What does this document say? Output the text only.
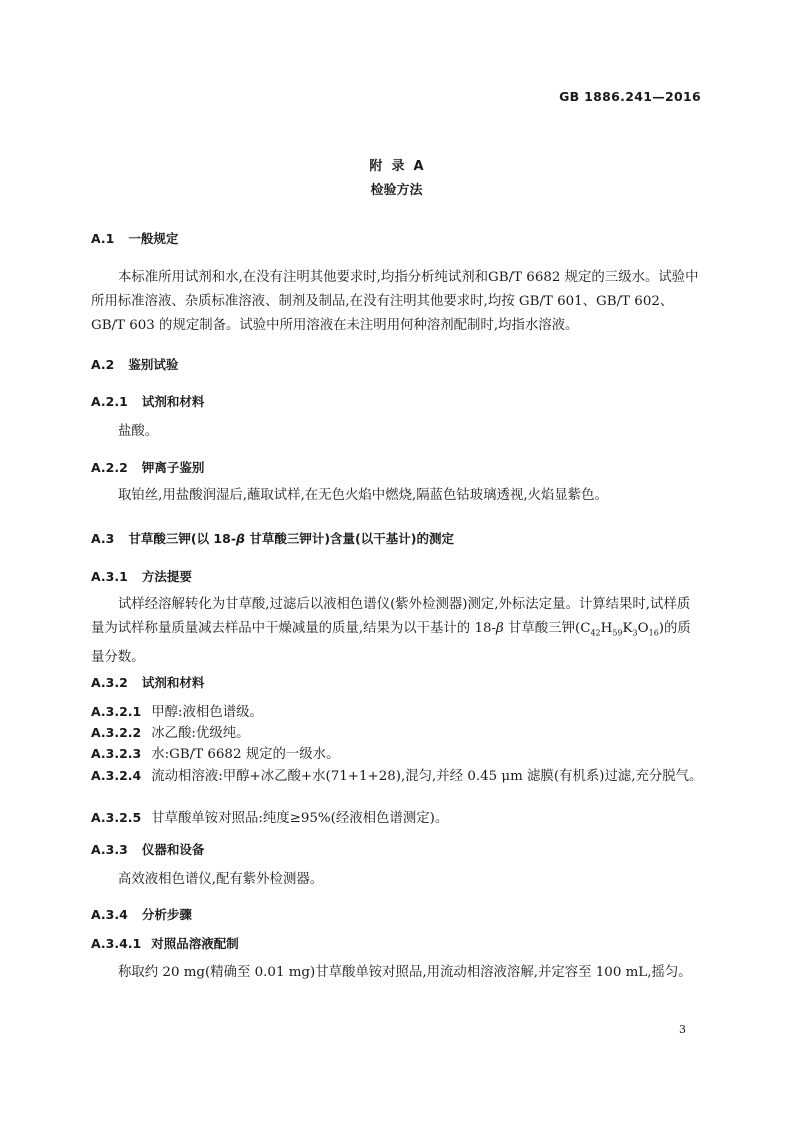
GB 1886.241—2016
附  录  A
检验方法
A.1 一般规定
本标准所用试剂和水,在没有注明其他要求时,均指分析纯试剂和GB/T 6682 规定的三级水。试验中所用标准溶液、杂质标准溶液、制剂及制品,在没有注明其他要求时,均按 GB/T 601、GB/T 602、GB/T 603 的规定制备。试验中所用溶液在未注明用何种溶剂配制时,均指水溶液。
A.2 鉴别试验
A.2.1 试剂和材料
盐酸。
A.2.2 钾离子鉴别
取铂丝,用盐酸润湿后,蘸取试样,在无色火焰中燃烧,隔蓝色钴玻璃透视,火焰显紫色。
A.3 甘草酸三钾(以 18-β 甘草酸三钾计)含量(以干基计)的测定
A.3.1 方法提要
试样经溶解转化为甘草酸,过滤后以液相色谱仪(紫外检测器)测定,外标法定量。计算结果时,试样质量为试样称量质量减去样品中干燥减量的质量,结果为以干基计的 18-β 甘草酸三钾$(C_{42}H_{59}K_3O_{16})$的质量分数。
A.3.2 试剂和材料
A.3.2.1 甲醇:液相色谱级。
A.3.2.2 冰乙酸:优级纯。
A.3.2.3 水:GB/T 6682 规定的一级水。
A.3.2.4 流动相溶液:甲醇+冰乙酸+水(71+1+28),混匀,并经 0.45 μm 滤膜(有机系)过滤,充分脱气。
A.3.2.5 甘草酸单铵对照品:纯度≥95%(经液相色谱测定)。
A.3.3 仪器和设备
高效液相色谱仪,配有紫外检测器。
A.3.4 分析步骤
A.3.4.1 对照品溶液配制
称取约 20 mg(精确至 0.01 mg)甘草酸单铵对照品,用流动相溶液溶解,并定容至 100 mL,摇匀。
3
